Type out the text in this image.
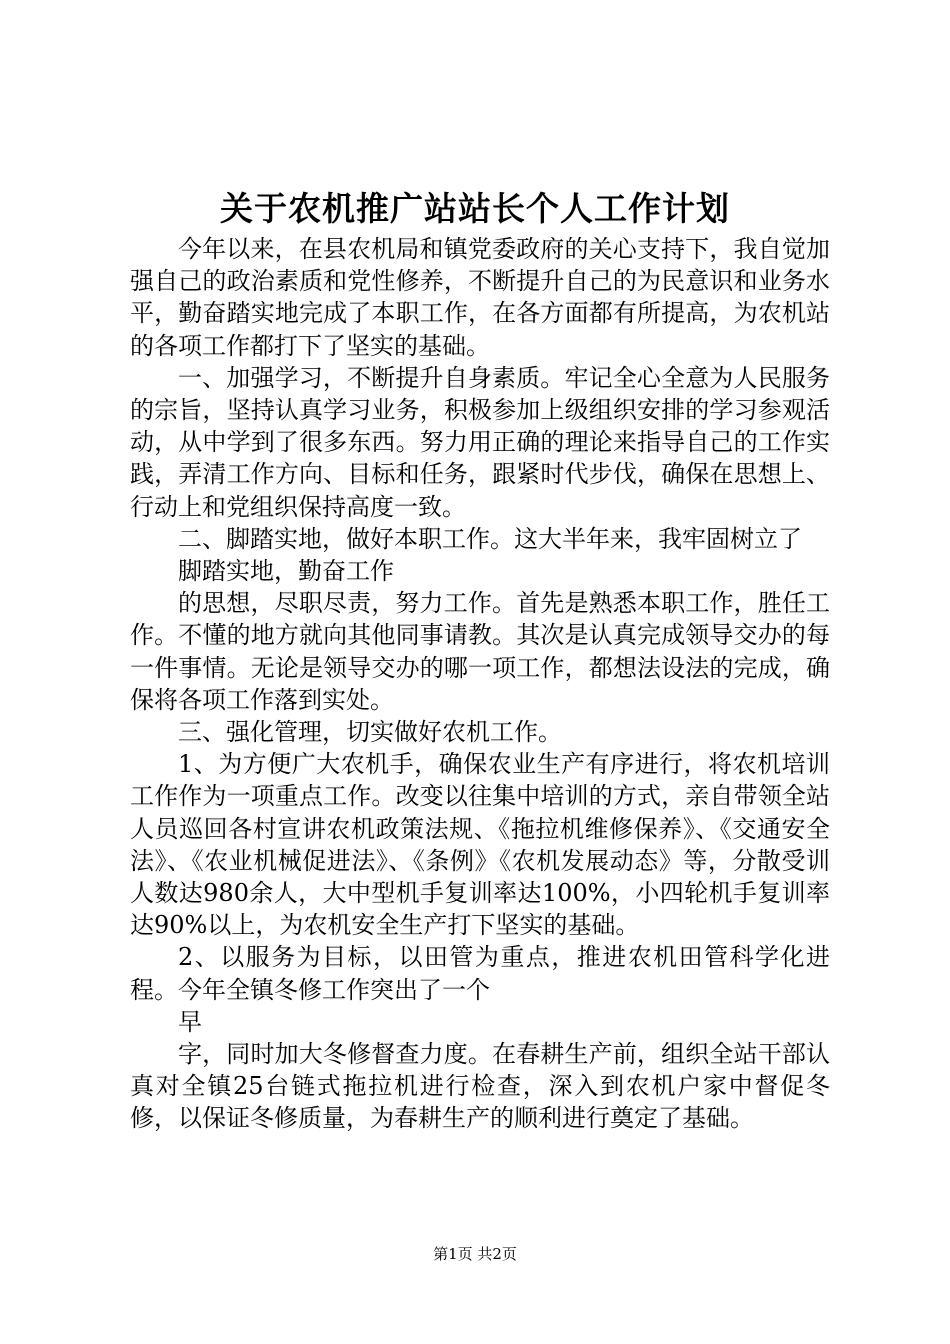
关于农机推广站站长个人工作计划

今年以来，在县农机局和镇党委政府的关心支持下，我自觉加强自己的政治素质和党性修养，不断提升自己的为民意识和业务水平，勤奋踏实地完成了本职工作，在各方面都有所提高，为农机站的各项工作都打下了坚实的基础。

一、加强学习，不断提升自身素质。牢记全心全意为人民服务的宗旨，坚持认真学习业务，积极参加上级组织安排的学习参观活动，从中学到了很多东西。努力用正确的理论来指导自己的工作实践，弄清工作方向、目标和任务，跟紧时代步伐，确保在思想上、行动上和党组织保持高度一致。

二、脚踏实地，做好本职工作。这大半年来，我牢固树立了

脚踏实地，勤奋工作

的思想，尽职尽责，努力工作。首先是熟悉本职工作，胜任工作。不懂的地方就向其他同事请教。其次是认真完成领导交办的每一件事情。无论是领导交办的哪一项工作，都想法设法的完成，确保将各项工作落到实处。

三、强化管理，切实做好农机工作。

1、为方便广大农机手，确保农业生产有序进行，将农机培训工作作为一项重点工作。改变以往集中培训的方式，亲自带领全站人员巡回各村宣讲农机政策法规、《拖拉机维修保养》、《交通安全法》、《农业机械促进法》、《条例》《农机发展动态》等，分散受训人数达980余人，大中型机手复训率达100%，小四轮机手复训率达90%以上，为农机安全生产打下坚实的基础。

2、以服务为目标，以田管为重点，推进农机田管科学化进程。今年全镇冬修工作突出了一个

早

字，同时加大冬修督查力度。在春耕生产前，组织全站干部认真对全镇25台链式拖拉机进行检查，深入到农机户家中督促冬修，以保证冬修质量，为春耕生产的顺利进行奠定了基础。

第1页 共2页
